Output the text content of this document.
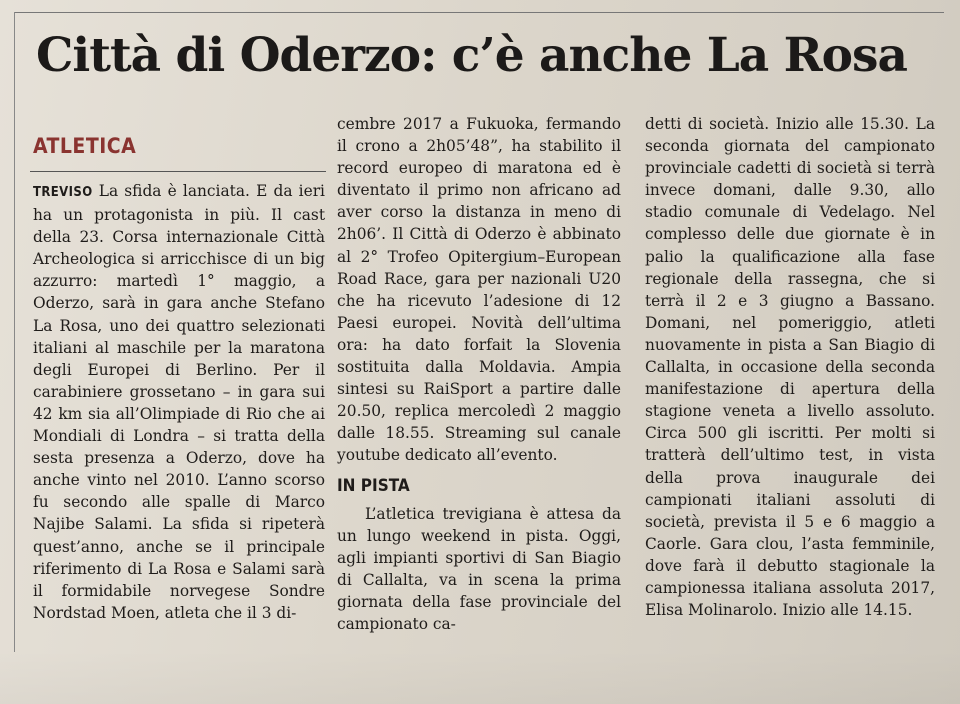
Città di Oderzo: c’è anche La Rosa
ATLETICA

TREVISO La sfida è lanciata. E da ieri ha un protagonista in più. Il cast della 23. Corsa internazionale Città Archeologica si arricchisce di un big azzurro: martedì 1° maggio, a Oderzo, sarà in gara anche Stefano La Rosa, uno dei quattro selezionati italiani al maschile per la maratona degli Europei di Berlino. Per il carabiniere grossetano – in gara sui 42 km sia all’Olimpiade di Rio che ai Mondiali di Londra – si tratta della sesta presenza a Oderzo, dove ha anche vinto nel 2010. L’anno scorso fu secondo alle spalle di Marco Najibe Salami. La sfida si ripeterà quest’anno, anche se il principale riferimento di La Rosa e Salami sarà il formidabile norvegese Sondre Nordstad Moen, atleta che il 3 di-

cembre 2017 a Fukuoka, fermando il crono a 2h05’48”, ha stabilito il record europeo di maratona ed è diventato il primo non africano ad aver corso la distanza in meno di 2h06’. Il Città di Oderzo è abbinato al 2° Trofeo Opitergium–European Road Race, gara per nazionali U20 che ha ricevuto l’adesione di 12 Paesi europei. Novità dell’ultima ora: ha dato forfait la Slovenia sostituita dalla Moldavia. Ampia sintesi su RaiSport a partire dalle 20.50, replica mercoledì 2 maggio dalle 18.55. Streaming sul canale youtube dedicato all’evento.

IN PISTA

L’atletica trevigiana è attesa da un lungo weekend in pista. Oggi, agli impianti sportivi di San Biagio di Callalta, va in scena la prima giornata della fase provinciale del campionato ca-

detti di società. Inizio alle 15.30. La seconda giornata del campionato provinciale cadetti di società si terrà invece domani, dalle 9.30, allo stadio comunale di Vedelago. Nel complesso delle due giornate è in palio la qualificazione alla fase regionale della rassegna, che si terrà il 2 e 3 giugno a Bassano. Domani, nel pomeriggio, atleti nuovamente in pista a San Biagio di Callalta, in occasione della seconda manifestazione di apertura della stagione veneta a livello assoluto. Circa 500 gli iscritti. Per molti si tratterà dell’ultimo test, in vista della prova inaugurale dei campionati italiani assoluti di società, prevista il 5 e 6 maggio a Caorle. Gara clou, l’asta femminile, dove farà il debutto stagionale la campionessa italiana assoluta 2017, Elisa Molinarolo. Inizio alle 14.15.
